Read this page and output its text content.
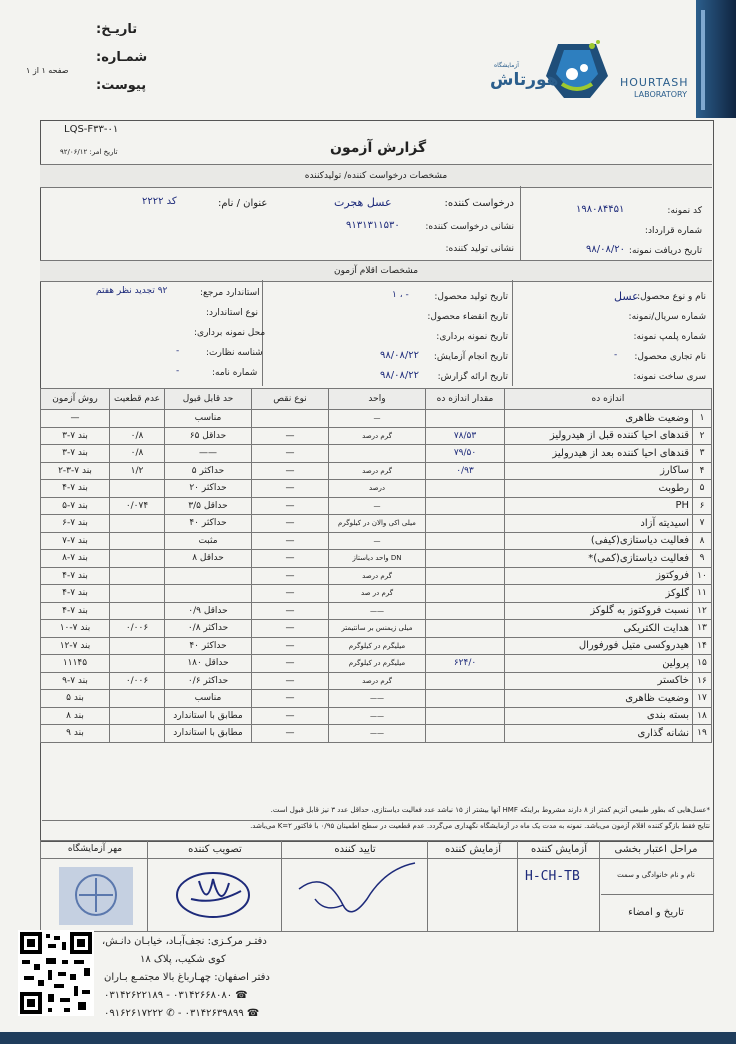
تاریـخ:
شمـاره:
پیوست:
صفحه ۱ از ۱	هورتاش
آزمایشگاه
HOURTASH
LABORATORY
LQS-F۳۳-۰۱
تاریخ امر: ۹۲/۰۶/۱۲	گزارش آزمون
مشخصات درخواست کننده/ تولیدکننده
کد نمونه:
۱۹۸۰۸۴۴۵۱
شماره قرارداد:
تاریخ دریافت نمونه:
۹۸/۰۸/۲۰
درخواست کننده:
عسل هجرت
نشانی درخواست کننده:
۹۱۳۱۳۱۱۵۳۰
نشانی تولید کننده:
عنوان / نام:
کد ۲۲۲۲
مشخصات اقلام آزمون
نام و نوع محصول:
عسل
شماره سریال/نمونه:
شماره پلمپ نمونه:
نام تجاری محصول:
-
سری ساخت نمونه:
تاریخ تولید محصول:
- ، ۱
تاریخ انقضاء محصول:
تاریخ نمونه برداری:
تاریخ انجام آزمایش:
۹۸/۰۸/۲۲
تاریخ ارائه گزارش:
۹۸/۰۸/۲۲
استاندارد مرجع:
۹۲ تجدید نظر هفتم
نوع استاندارد:
محل نمونه برداری:
شناسه نظارت:
-
شماره نامه:
-
روش آزمون	عدم قطعیت	حد قابل قبول	نوع نقص	واحد	مقدار اندازه ده	اندازه ده	
—		مناسب		—		وضعیت ظاهری	۱
بند ۷-۳	۰/۸	حداقل ۶۵	—	گرم درصد	۷۸/۵۳	قندهای احیا کننده قبل از هیدرولیز	۲
بند ۷-۳	۰/۸	——	—		۷۹/۵۰	قندهای احیا کننده بعد از هیدرولیز	۳
بند ۷-۳-۲	۱/۲	حداکثر ۵	—	گرم درصد	۰/۹۳	ساکارز	۴
بند ۷-۴		حداکثر ۲۰	—	درصد		رطوبت	۵
بند ۷-۵	۰/۰۷۴	حداقل ۳/۵	—	—		PH	۶
بند ۷-۶		حداکثر ۴۰	—	میلی اکی والان در کیلوگرم		اسیدیته آزاد	۷
بند ۷-۷		مثبت	—	—		فعالیت دیاستازی(کیفی)	۸
بند ۷-۸		حداقل ۸	—	واحد دیاستاز DN		فعالیت دیاستازی(کمی)*	۹
بند ۷-۴			—	گرم درصد		فروکتوز	۱۰
بند ۷-۴			—	گرم در صد		گلوکز	۱۱
بند ۷-۴		حداقل ۰/۹	—	——		نسبت فروکتوز به گلوکز	۱۲
بند ۷-۱۰	۰/۰۰۶	حداکثر ۰/۸	—	میلی زیمنس بر سانتیمتر		هدایت الکتریکی	۱۳
بند ۷-۱۲		حداکثر ۴۰	—	میلیگرم در کیلوگرم		هیدروکسی متیل فورفورال	۱۴
۱۱۱۴۵		حداقل ۱۸۰	—	میلیگرم در کیلوگرم	۶۲۴/۰	پرولین	۱۵
بند ۷-۹	۰/۰۰۶	حداکثر ۰/۶	—	گرم درصد		خاکستر	۱۶
بند ۵		مناسب	—	——		وضعیت ظاهری	۱۷
بند ۸		مطابق با استاندارد	—	——		بسته بندی	۱۸
بند ۹		مطابق با استاندارد	—	——		نشانه گذاری	۱۹
*عسل‌هایی که بطور طبیعی آنزیم کمتر از ۸ دارند مشروط براینکه HMF آنها بیشتر از ۱۵ نباشد عدد فعالیت دیاستازی، حداقل عدد ۳ نیز قابل قبول است.
نتایج فقط بازگو کننده اقلام آزمون می‌باشد. نمونه به مدت یک ماه در آزمایشگاه نگهداری می‌گردد. عدم قطعیت در سطح اطمینان ۰/۹۵ با فاکتور K=۲ می‌باشد.
مراحل اعتبار بخشی
آزمایش کننده
آزمایش کننده
تایید کننده
تصویب کننده
مهر آزمایشگاه
نام و نام خانوادگی و سمت
تاریخ و امضاء
H-CH-TB
دفتـر مرکـزی: نجف‌آبـاد، خیابـان دانـش،
کوی شکیب، پلاک ۱۸
دفتر اصفهان: چهـارباغ بالا مجتمـع بـاران
۰۳۱۴۲۶۲۲۱۸۹ - ۰۳۱۴۲۶۶۸۰۸۰ ☎
۰۹۱۶۲۶۱۷۲۲۲ ✆ - ۰۳۱۴۲۶۳۹۸۹۹ ☎
